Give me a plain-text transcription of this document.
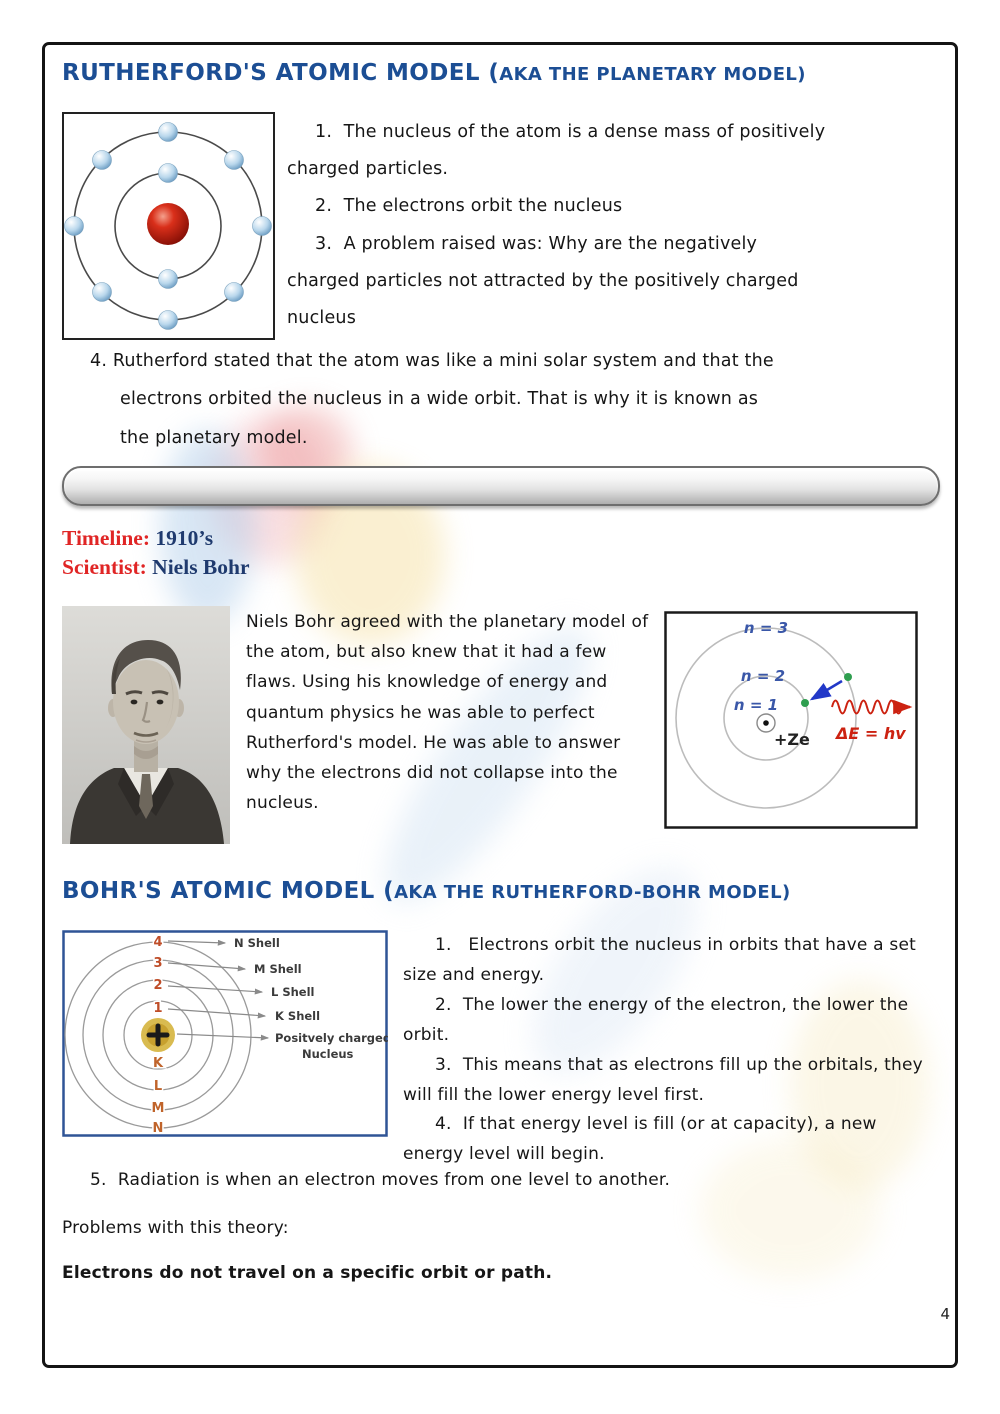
RUTHERFORD'S ATOMIC MODEL (AKA THE PLANETARY MODEL)
1.  The nucleus of the atom is a dense mass of positively
charged particles.
2.  The electrons orbit the nucleus
3.  A problem raised was: Why are the negatively
charged particles not attracted by the positively charged
nucleus
4. Rutherford stated that the atom was like a mini solar system and that the
electrons orbited the nucleus in a wide orbit. That is why it is known as
the planetary model.
Timeline: 1910’s
Scientist: Niels Bohr
Niels Bohr agreed with the planetary model of
the atom, but also knew that it had a few
flaws. Using his knowledge of energy and
quantum physics he was able to perfect
Rutherford's model. He was able to answer
why the electrons did not collapse into the
nucleus.
n = 3
n = 2
n = 1
ΔE = hv
+Ze
BOHR'S ATOMIC MODEL (AKA THE RUTHERFORD-BOHR MODEL)
4
3
2
1
K
L
M
N
N Shell
M Shell
L Shell
K Shell
Positvely charged
Nucleus
1.   Electrons orbit the nucleus in orbits that have a set
size and energy.
2.  The lower the energy of the electron, the lower the
orbit.
3.  This means that as electrons fill up the orbitals, they
will fill the lower energy level first.
4.  If that energy level is fill (or at capacity), a new
energy level will begin.
5.  Radiation is when an electron moves from one level to another.
Problems with this theory:
Electrons do not travel on a specific orbit or path.
4
